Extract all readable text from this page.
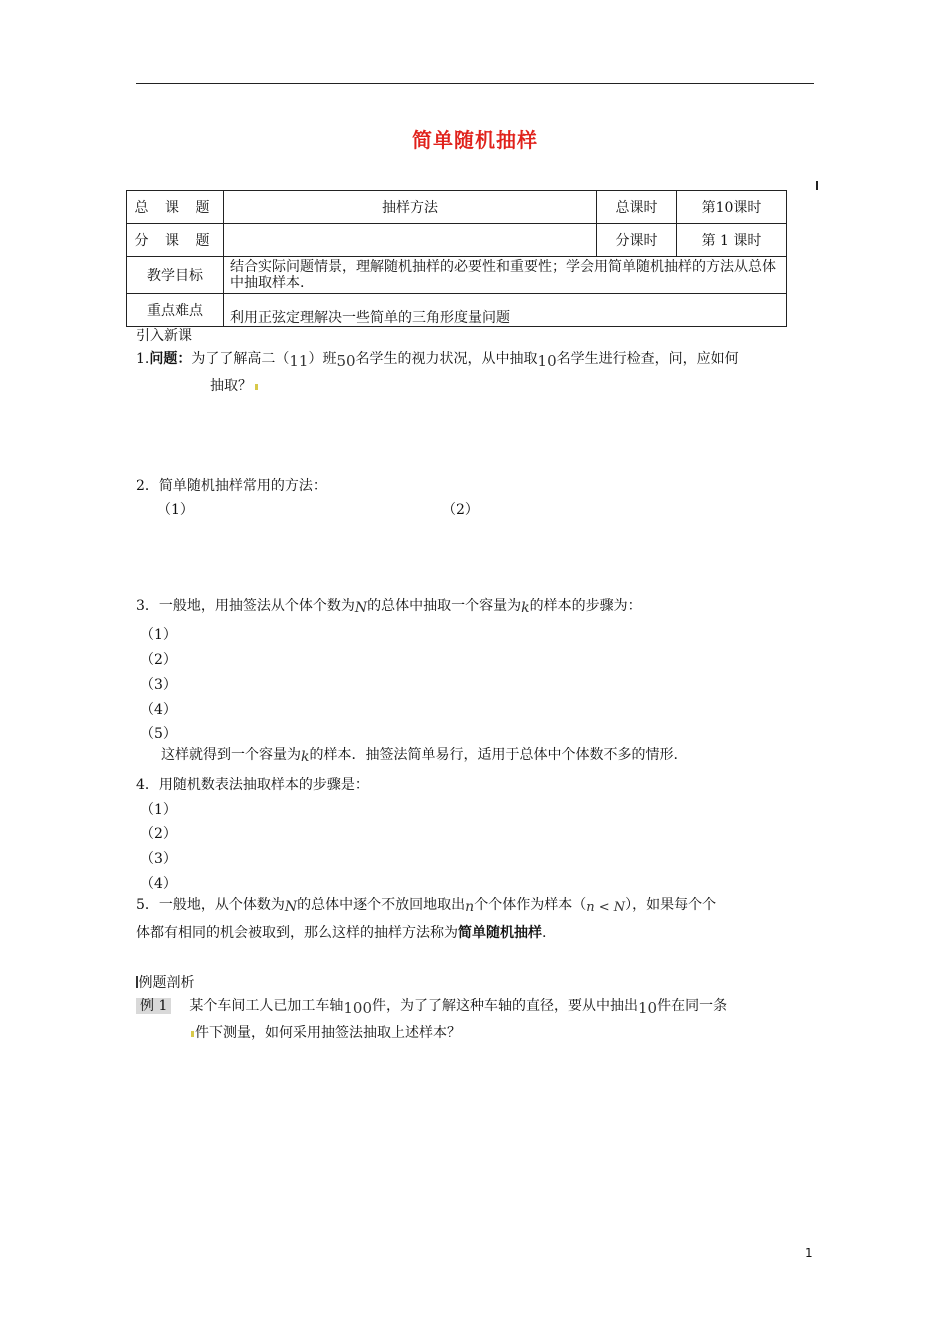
简单随机抽样
总 课 题	抽样方法	总课时	第10课时
分 课 题		分课时	第 1 课时
教学目标	结合实际问题情景，理解随机抽样的必要性和重要性；学会用简单随机抽样的方法从总体中抽取样本.		
重点难点	利用正弦定理解决一些简单的三角形度量问题		
引入新课
1.问题：为了了解高二（11）班50名学生的视力状况，从中抽取10名学生进行检查，问，应如何
抽取？
2．简单随机抽样常用的方法：
（1）	（2）
3．一般地，用抽签法从个体个数为N的总体中抽取一个容量为k的样本的步骤为：
（1）
（2）
（3）
（4）
（5）
这样就得到一个容量为k的样本．抽签法简单易行，适用于总体中个体数不多的情形.
4．用随机数表法抽取样本的步骤是：
（1）
（2）
（3）
（4）
5．一般地，从个体数为N的总体中逐个不放回地取出n个个体作为样本（n < N），如果每个个
体都有相同的机会被取到，那么这样的抽样方法称为简单随机抽样.
例题剖析
例 1 某个车间工人已加工车轴100件，为了了解这种车轴的直径，要从中抽出10件在同一条
件下测量，如何采用抽签法抽取上述样本？
1
